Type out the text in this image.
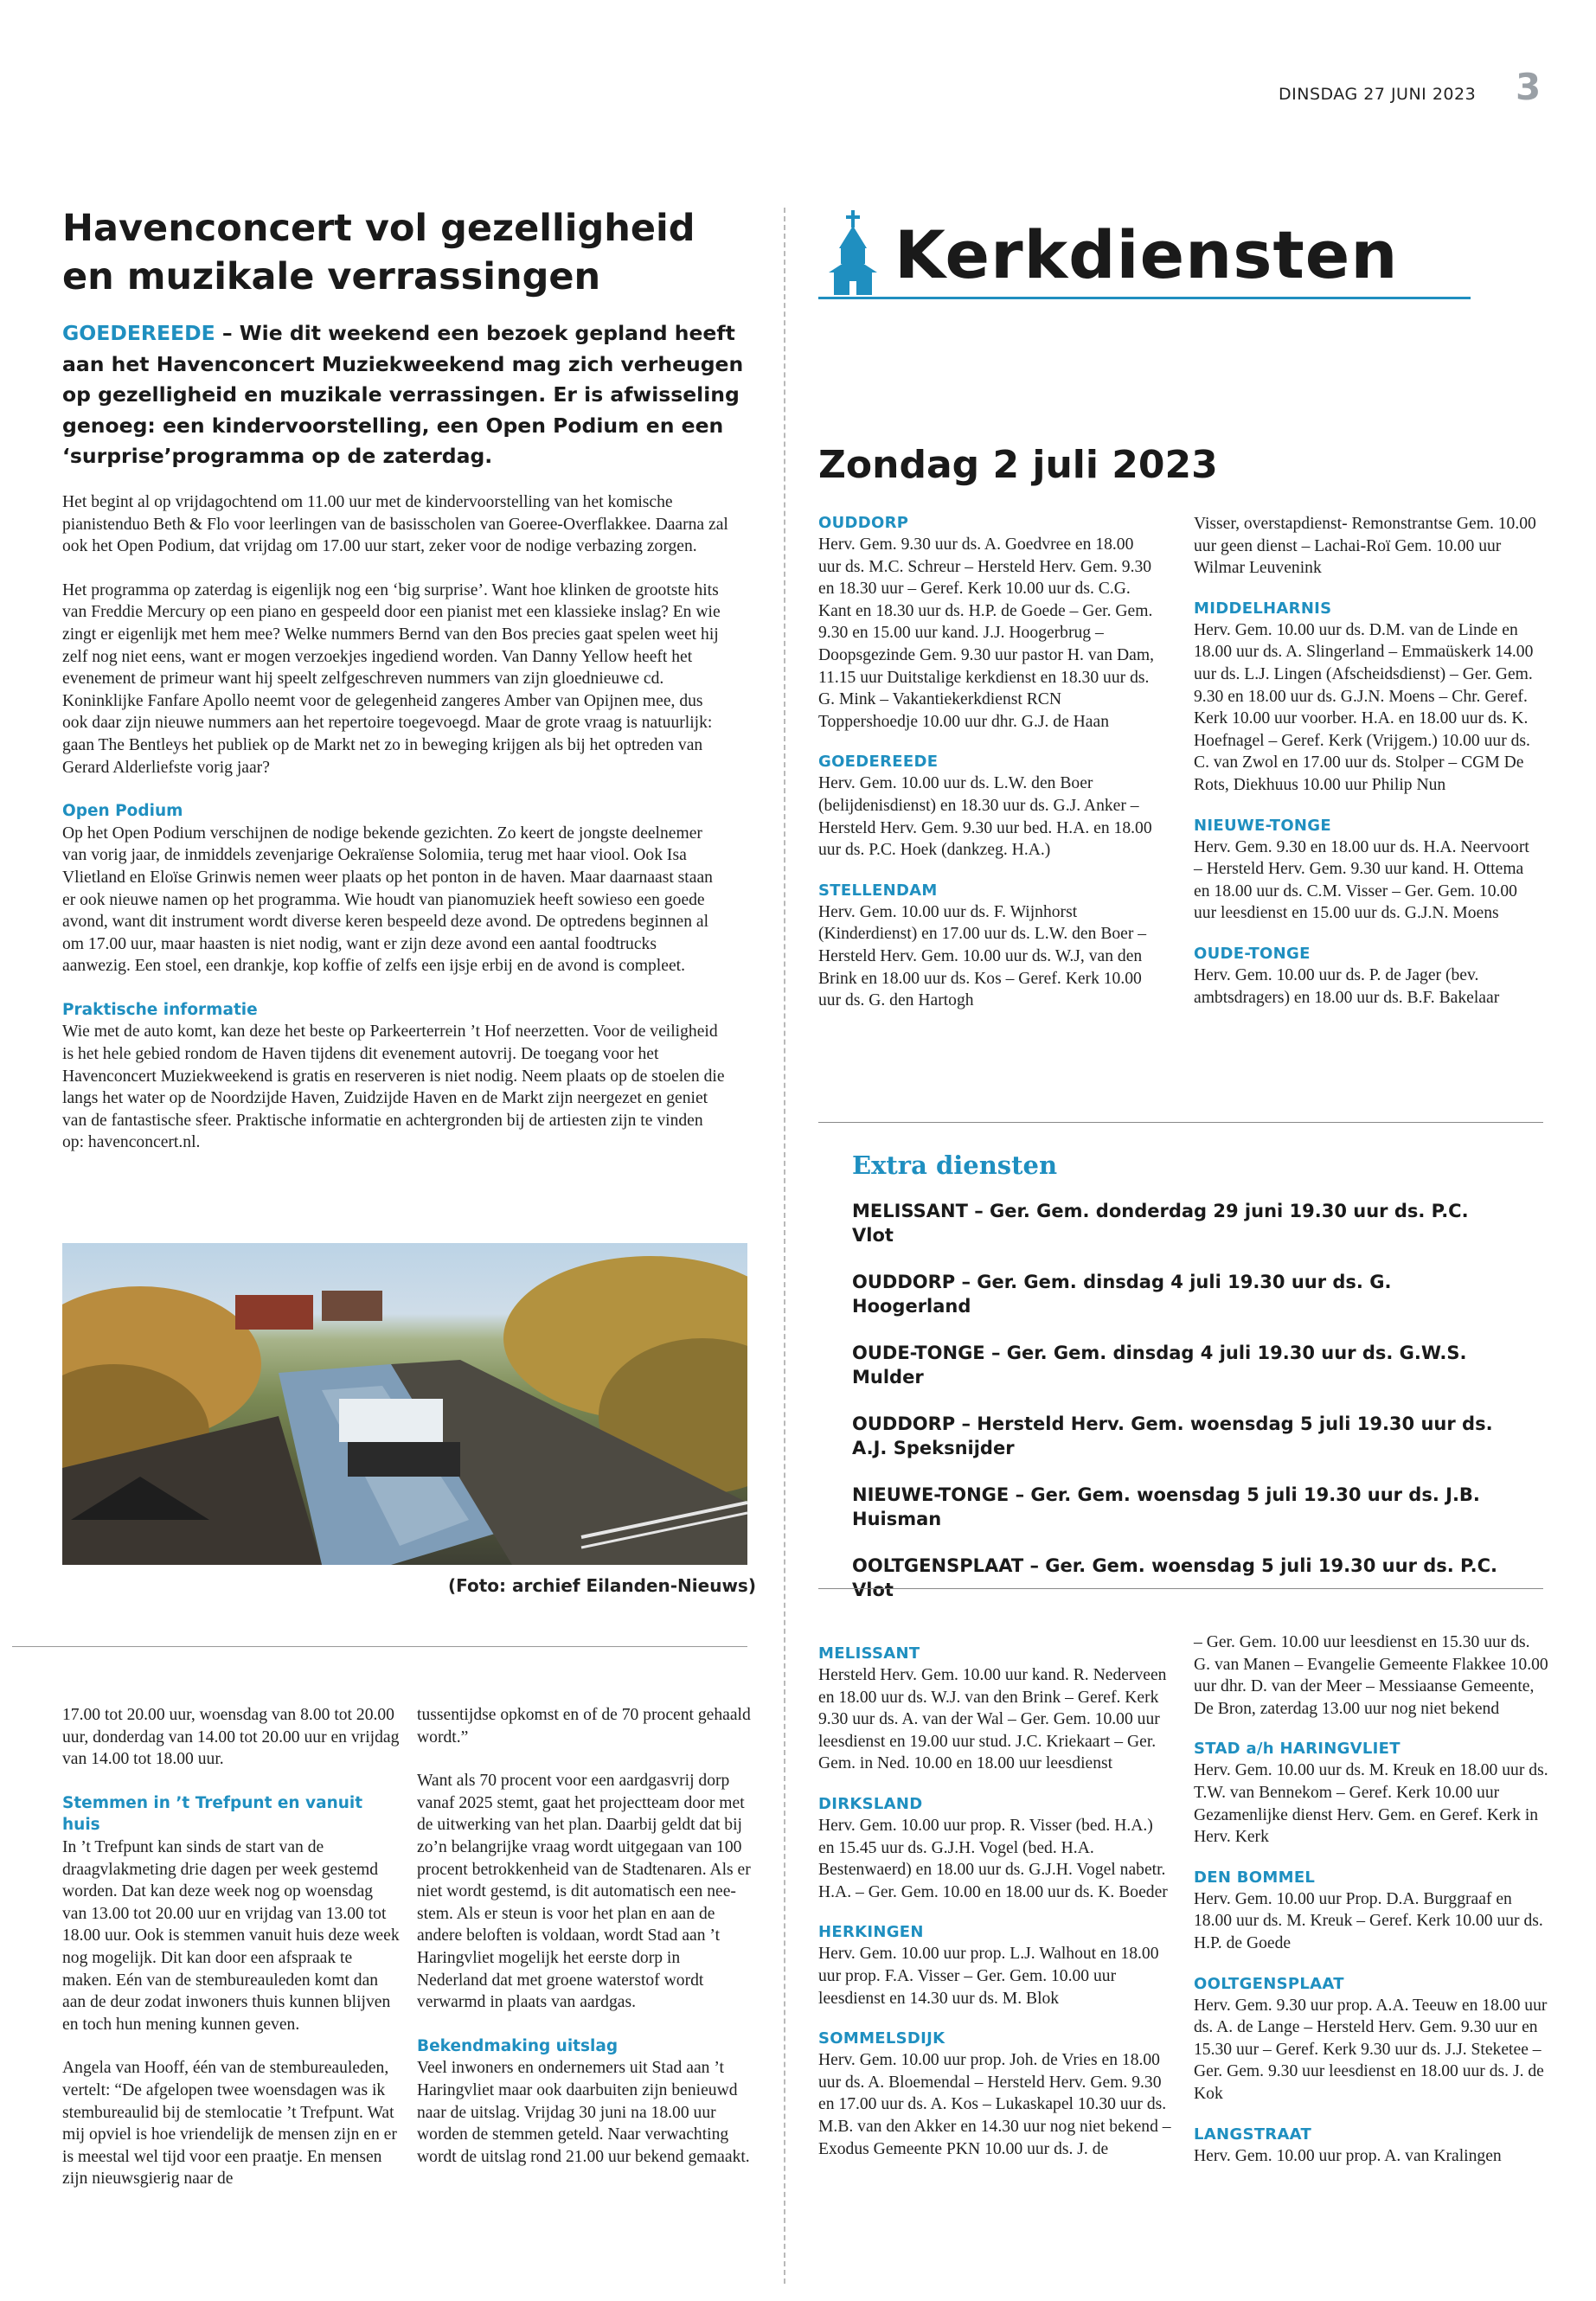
DINSDAG 27 JUNI 2023 3
Havenconcert vol gezelligheid
en muzikale verrassingen
GOEDEREEDE – Wie dit weekend een bezoek gepland heeft aan het Havenconcert Muziekweekend mag zich verheugen op gezelligheid en muzikale verrassingen. Er is afwisseling genoeg: een kindervoorstelling, een Open Podium en een ‘surprise’programma op de zaterdag.

Het begint al op vrijdagochtend om 11.00 uur met de kindervoorstelling van het komische pianistenduo Beth & Flo voor leerlingen van de basisscholen van Goeree-Overflakkee. Daarna zal ook het Open Podium, dat vrijdag om 17.00 uur start, zeker voor de nodige verbazing zorgen.

Het programma op zaterdag is eigenlijk nog een ‘big surprise’. Want hoe klinken de grootste hits van Freddie Mercury op een piano en gespeeld door een pianist met een klassieke inslag? En wie zingt er eigenlijk met hem mee? Welke nummers Bernd van den Bos precies gaat spelen weet hij zelf nog niet eens, want er mogen verzoekjes ingediend worden. Van Danny Yellow heeft het evenement de primeur want hij speelt zelfgeschreven nummers van zijn gloednieuwe cd. Koninklijke Fanfare Apollo neemt voor de gelegenheid zangeres Amber van Opijnen mee, dus ook daar zijn nieuwe nummers aan het repertoire toegevoegd. Maar de grote vraag is natuurlijk: gaan The Bentleys het publiek op de Markt net zo in beweging krijgen als bij het optreden van Gerard Alderliefste vorig jaar?

Open Podium

Op het Open Podium verschijnen de nodige bekende gezichten. Zo keert de jongste deelnemer van vorig jaar, de inmiddels zevenjarige Oekraïense Solomiia, terug met haar viool. Ook Isa Vlietland en Eloïse Grinwis nemen weer plaats op het ponton in de haven. Maar daarnaast staan er ook nieuwe namen op het programma. Wie houdt van pianomuziek heeft sowieso een goede avond, want dit instrument wordt diverse keren bespeeld deze avond. De optredens beginnen al om 17.00 uur, maar haasten is niet nodig, want er zijn deze avond een aantal foodtrucks aanwezig. Een stoel, een drankje, kop koffie of zelfs een ijsje erbij en de avond is compleet.

Praktische informatie

Wie met de auto komt, kan deze het beste op Parkeerterrein ’t Hof neerzetten. Voor de veiligheid is het hele gebied rondom de Haven tijdens dit evenement autovrij. De toegang voor het Havenconcert Muziekweekend is gratis en reserveren is niet nodig. Neem plaats op de stoelen die langs het water op de Noordzijde Haven, Zuidzijde Haven en de Markt zijn neergezet en geniet van de fantastische sfeer. Praktische informatie en achtergronden bij de artiesten zijn te vinden op: havenconcert.nl.

(Foto: archief Eilanden-Nieuws)

17.00 tot 20.00 uur, woensdag van 8.00 tot 20.00 uur, donderdag van 14.00 tot 20.00 uur en vrijdag van 14.00 tot 18.00 uur.

Stemmen in ’t Trefpunt en vanuit huis

In ’t Trefpunt kan sinds de start van de draagvlakmeting drie dagen per week gestemd worden. Dat kan deze week nog op woensdag van 13.00 tot 20.00 uur en vrijdag van 13.00 tot 18.00 uur. Ook is stemmen vanuit huis deze week nog mogelijk. Dit kan door een afspraak te maken. Eén van de stembureauleden komt dan aan de deur zodat inwoners thuis kunnen blijven en toch hun mening kunnen geven.

Angela van Hooff, één van de stembureauleden, vertelt: “De afgelopen twee woensdagen was ik stembureaulid bij de stemlocatie ’t Trefpunt. Wat mij opviel is hoe vriendelijk de mensen zijn en er is meestal wel tijd voor een praatje. En mensen zijn nieuwsgierig naar de

tussentijdse opkomst en of de 70 procent gehaald wordt.”

Want als 70 procent voor een aardgasvrij dorp vanaf 2025 stemt, gaat het projectteam door met de uitwerking van het plan. Daarbij geldt dat bij zo’n belangrijke vraag wordt uitgegaan van 100 procent betrokkenheid van de Stadtenaren. Als er niet wordt gestemd, is dit automatisch een nee-stem. Als er steun is voor het plan en aan de andere beloften is voldaan, wordt Stad aan ’t Haringvliet mogelijk het eerste dorp in Nederland dat met groene waterstof wordt verwarmd in plaats van aardgas.

Bekendmaking uitslag

Veel inwoners en ondernemers uit Stad aan ’t Haringvliet maar ook daarbuiten zijn benieuwd naar de uitslag. Vrijdag 30 juni na 18.00 uur worden de stemmen geteld. Naar verwachting wordt de uitslag rond 21.00 uur bekend gemaakt.

Kerkdiensten
Zondag 2 juli 2023
OUDDORP
Herv. Gem. 9.30 uur ds. A. Goedvree en 18.00 uur ds. M.C. Schreur – Hersteld Herv. Gem. 9.30 en 18.30 uur – Geref. Kerk 10.00 uur ds. C.G. Kant en 18.30 uur ds. H.P. de Goede – Ger. Gem. 9.30 en 15.00 uur kand. J.J. Hoogerbrug – Doopsgezinde Gem. 9.30 uur pastor H. van Dam, 11.15 uur Duitstalige kerkdienst en 18.30 uur ds. G. Mink – Vakantiekerkdienst RCN Toppershoedje 10.00 uur dhr. G.J. de Haan
GOEDEREEDE
Herv. Gem. 10.00 uur ds. L.W. den Boer (belijdenisdienst) en 18.30 uur ds. G.J. Anker – Hersteld Herv. Gem. 9.30 uur bed. H.A. en 18.00 uur ds. P.C. Hoek (dankzeg. H.A.)
STELLENDAM
Herv. Gem. 10.00 uur ds. F. Wijnhorst (Kinderdienst) en 17.00 uur ds. L.W. den Boer – Hersteld Herv. Gem. 10.00 uur ds. W.J, van den Brink en 18.00 uur ds. Kos – Geref. Kerk 10.00 uur ds. G. den Hartogh
Visser, overstapdienst- Remonstrantse Gem. 10.00 uur geen dienst – Lachai-Roï Gem. 10.00 uur Wilmar Leuvenink
MIDDELHARNIS
Herv. Gem. 10.00 uur ds. D.M. van de Linde en 18.00 uur ds. A. Slingerland – Emmaüskerk 14.00 uur ds. L.J. Lingen (Afscheidsdienst) – Ger. Gem. 9.30 en 18.00 uur ds. G.J.N. Moens – Chr. Geref. Kerk 10.00 uur voorber. H.A. en 18.00 uur ds. K. Hoefnagel – Geref. Kerk (Vrijgem.) 10.00 uur ds. C. van Zwol en 17.00 uur ds. Stolper – CGM De Rots, Diekhuus 10.00 uur Philip Nun
NIEUWE-TONGE
Herv. Gem. 9.30 en 18.00 uur ds. H.A. Neervoort – Hersteld Herv. Gem. 9.30 uur kand. H. Ottema en 18.00 uur ds. C.M. Visser – Ger. Gem. 10.00 uur leesdienst en 15.00 uur ds. G.J.N. Moens
OUDE-TONGE
Herv. Gem. 10.00 uur ds. P. de Jager (bev. ambtsdragers) en 18.00 uur ds. B.F. Bakelaar
Extra diensten
MELISSANT – Ger. Gem. donderdag 29 juni 19.30 uur ds. P.C. Vlot
OUDDORP – Ger. Gem. dinsdag 4 juli 19.30 uur ds. G. Hoogerland
OUDE-TONGE – Ger. Gem. dinsdag 4 juli 19.30 uur ds. G.W.S. Mulder
OUDDORP – Hersteld Herv. Gem. woensdag 5 juli 19.30 uur ds. A.J. Speksnijder
NIEUWE-TONGE – Ger. Gem. woensdag 5 juli 19.30 uur ds. J.B. Huisman
OOLTGENSPLAAT – Ger. Gem. woensdag 5 juli 19.30 uur ds. P.C. Vlot
MELISSANT
Hersteld Herv. Gem. 10.00 uur kand. R. Nederveen en 18.00 uur ds. W.J. van den Brink – Geref. Kerk 9.30 uur ds. A. van der Wal – Ger. Gem. 10.00 uur leesdienst en 19.00 uur stud. J.C. Kriekaart – Ger. Gem. in Ned. 10.00 en 18.00 uur leesdienst
DIRKSLAND
Herv. Gem. 10.00 uur prop. R. Visser (bed. H.A.) en 15.45 uur ds. G.J.H. Vogel (bed. H.A. Bestenwaerd) en 18.00 uur ds. G.J.H. Vogel nabetr. H.A. – Ger. Gem. 10.00 en 18.00 uur ds. K. Boeder
HERKINGEN
Herv. Gem. 10.00 uur prop. L.J. Walhout en 18.00 uur prop. F.A. Visser – Ger. Gem. 10.00 uur leesdienst en 14.30 uur ds. M. Blok
SOMMELSDIJK
Herv. Gem. 10.00 uur prop. Joh. de Vries en 18.00 uur ds. A. Bloemendal – Hersteld Herv. Gem. 9.30 en 17.00 uur ds. A. Kos – Lukaskapel 10.30 uur ds. M.B. van den Akker en 14.30 uur nog niet bekend – Exodus Gemeente PKN 10.00 uur ds. J. de
– Ger. Gem. 10.00 uur leesdienst en 15.30 uur ds. G. van Manen – Evangelie Gemeente Flakkee 10.00 uur dhr. D. van der Meer – Messiaanse Gemeente, De Bron, zaterdag 13.00 uur nog niet bekend
STAD a/h HARINGVLIET
Herv. Gem. 10.00 uur ds. M. Kreuk en 18.00 uur ds. T.W. van Bennekom – Geref. Kerk 10.00 uur Gezamenlijke dienst Herv. Gem. en Geref. Kerk in Herv. Kerk
DEN BOMMEL
Herv. Gem. 10.00 uur Prop. D.A. Burggraaf en 18.00 uur ds. M. Kreuk – Geref. Kerk 10.00 uur ds. H.P. de Goede
OOLTGENSPLAAT
Herv. Gem. 9.30 uur prop. A.A. Teeuw en 18.00 uur ds. A. de Lange – Hersteld Herv. Gem. 9.30 uur en 15.30 uur – Geref. Kerk 9.30 uur ds. J.J. Steketee – Ger. Gem. 9.30 uur leesdienst en 18.00 uur ds. J. de Kok
LANGSTRAAT
Herv. Gem. 10.00 uur prop. A. van Kralingen
